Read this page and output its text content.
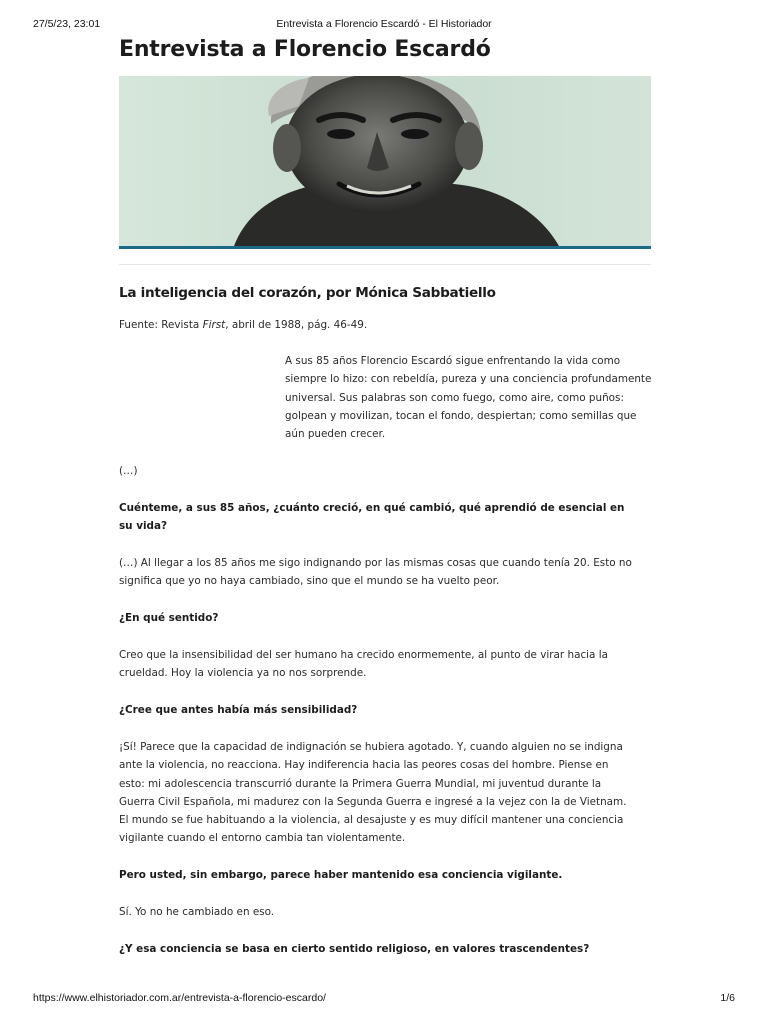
27/5/23, 23:01	Entrevista a Florencio Escardó - El Historiador
Entrevista a Florencio Escardó
La inteligencia del corazón, por Mónica Sabbatiello

Fuente: Revista First, abril de 1988, pág. 46-49.

A sus 85 años Florencio Escardó sigue enfrentando la vida como siempre lo hizo: con rebeldía, pureza y una conciencia profundamente universal. Sus palabras son como fuego, como aire, como puños: golpean y movilizan, tocan el fondo, despiertan; como semillas que aún pueden crecer.

(…)

Cuénteme, a sus 85 años, ¿cuánto creció, en qué cambió, qué aprendió de esencial en su vida?

(…) Al llegar a los 85 años me sigo indignando por las mismas cosas que cuando tenía 20. Esto no significa que yo no haya cambiado, sino que el mundo se ha vuelto peor.

¿En qué sentido?

Creo que la insensibilidad del ser humano ha crecido enormemente, al punto de virar hacia la crueldad. Hoy la violencia ya no nos sorprende.

¿Cree que antes había más sensibilidad?

¡Sí! Parece que la capacidad de indignación se hubiera agotado. Y, cuando alguien no se indigna ante la violencia, no reacciona. Hay indiferencia hacia las peores cosas del hombre. Piense en esto: mi adolescencia transcurrió durante la Primera Guerra Mundial, mi juventud durante la Guerra Civil Española, mi madurez con la Segunda Guerra e ingresé a la vejez con la de Vietnam. El mundo se fue habituando a la violencia, al desajuste y es muy difícil mantener una conciencia vigilante cuando el entorno cambia tan violentamente.

Pero usted, sin embargo, parece haber mantenido esa conciencia vigilante.

Sí. Yo no he cambiado en eso.

¿Y esa conciencia se basa en cierto sentido religioso, en valores trascendentes?

https://www.elhistoriador.com.ar/entrevista-a-florencio-escardo/	1/6
